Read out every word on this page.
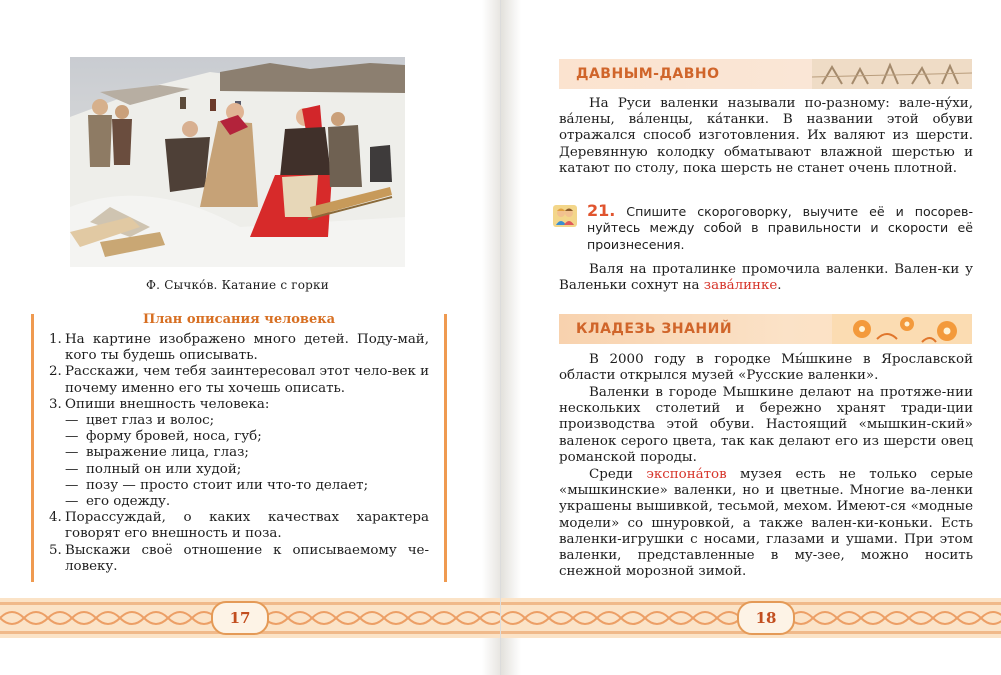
Ф. Сычко́в. Катание с горки
План описания человека
1. На картине изображено много детей. Поду-май, кого ты будешь описывать.
2. Расскажи, чем тебя заинтересовал этот чело-век и почему именно его ты хочешь описать.
3. Опиши внешность человека:
— цвет глаз и волос;
— форму бровей, носа, губ;
— выражение лица, глаз;
— полный он или худой;
— позу — просто стоит или что-то делает;
— его одежду.
4. Порассуждай, о каких качествах характера говорят его внешность и поза.
5. Выскажи своё отношение к описываемому че-ловеку.
17
ДАВНЫМ-ДАВНО

На Руси валенки называли по-разному: вале-ну́хи, ва́лены, ва́ленцы, ка́танки. В названии этой обуви отражался способ изготовления. Их валяют из шерсти. Деревянную колодку обматывают влажной шерстью и катают по столу, пока шерсть не станет очень плотной.

21. Спишите скороговорку, выучите её и посорев-нуйтесь между собой в правильности и скорости её произнесения.

Валя на проталинке промочила валенки. Вален-ки у Валеньки сохнут на зава́линке.

КЛАДЕЗЬ ЗНАНИЙ

В 2000 году в городке Мы́шкине в Ярославской области открылся музей «Русские валенки».

Валенки в городе Мышкине делают на протяже-нии нескольких столетий и бережно хранят тради-ции производства этой обуви. Настоящий «мышкин-ский» валенок серого цвета, так как делают его из шерсти овец романской породы.

Среди экспона́тов музея есть не только серые «мышкинские» валенки, но и цветные. Многие ва-ленки украшены вышивкой, тесьмой, мехом. Имеют-ся «модные модели» со шнуровкой, а также вален-ки-коньки. Есть валенки-игрушки с носами, глазами и ушами. При этом валенки, представленные в му-зее, можно носить снежной морозной зимой.

18
